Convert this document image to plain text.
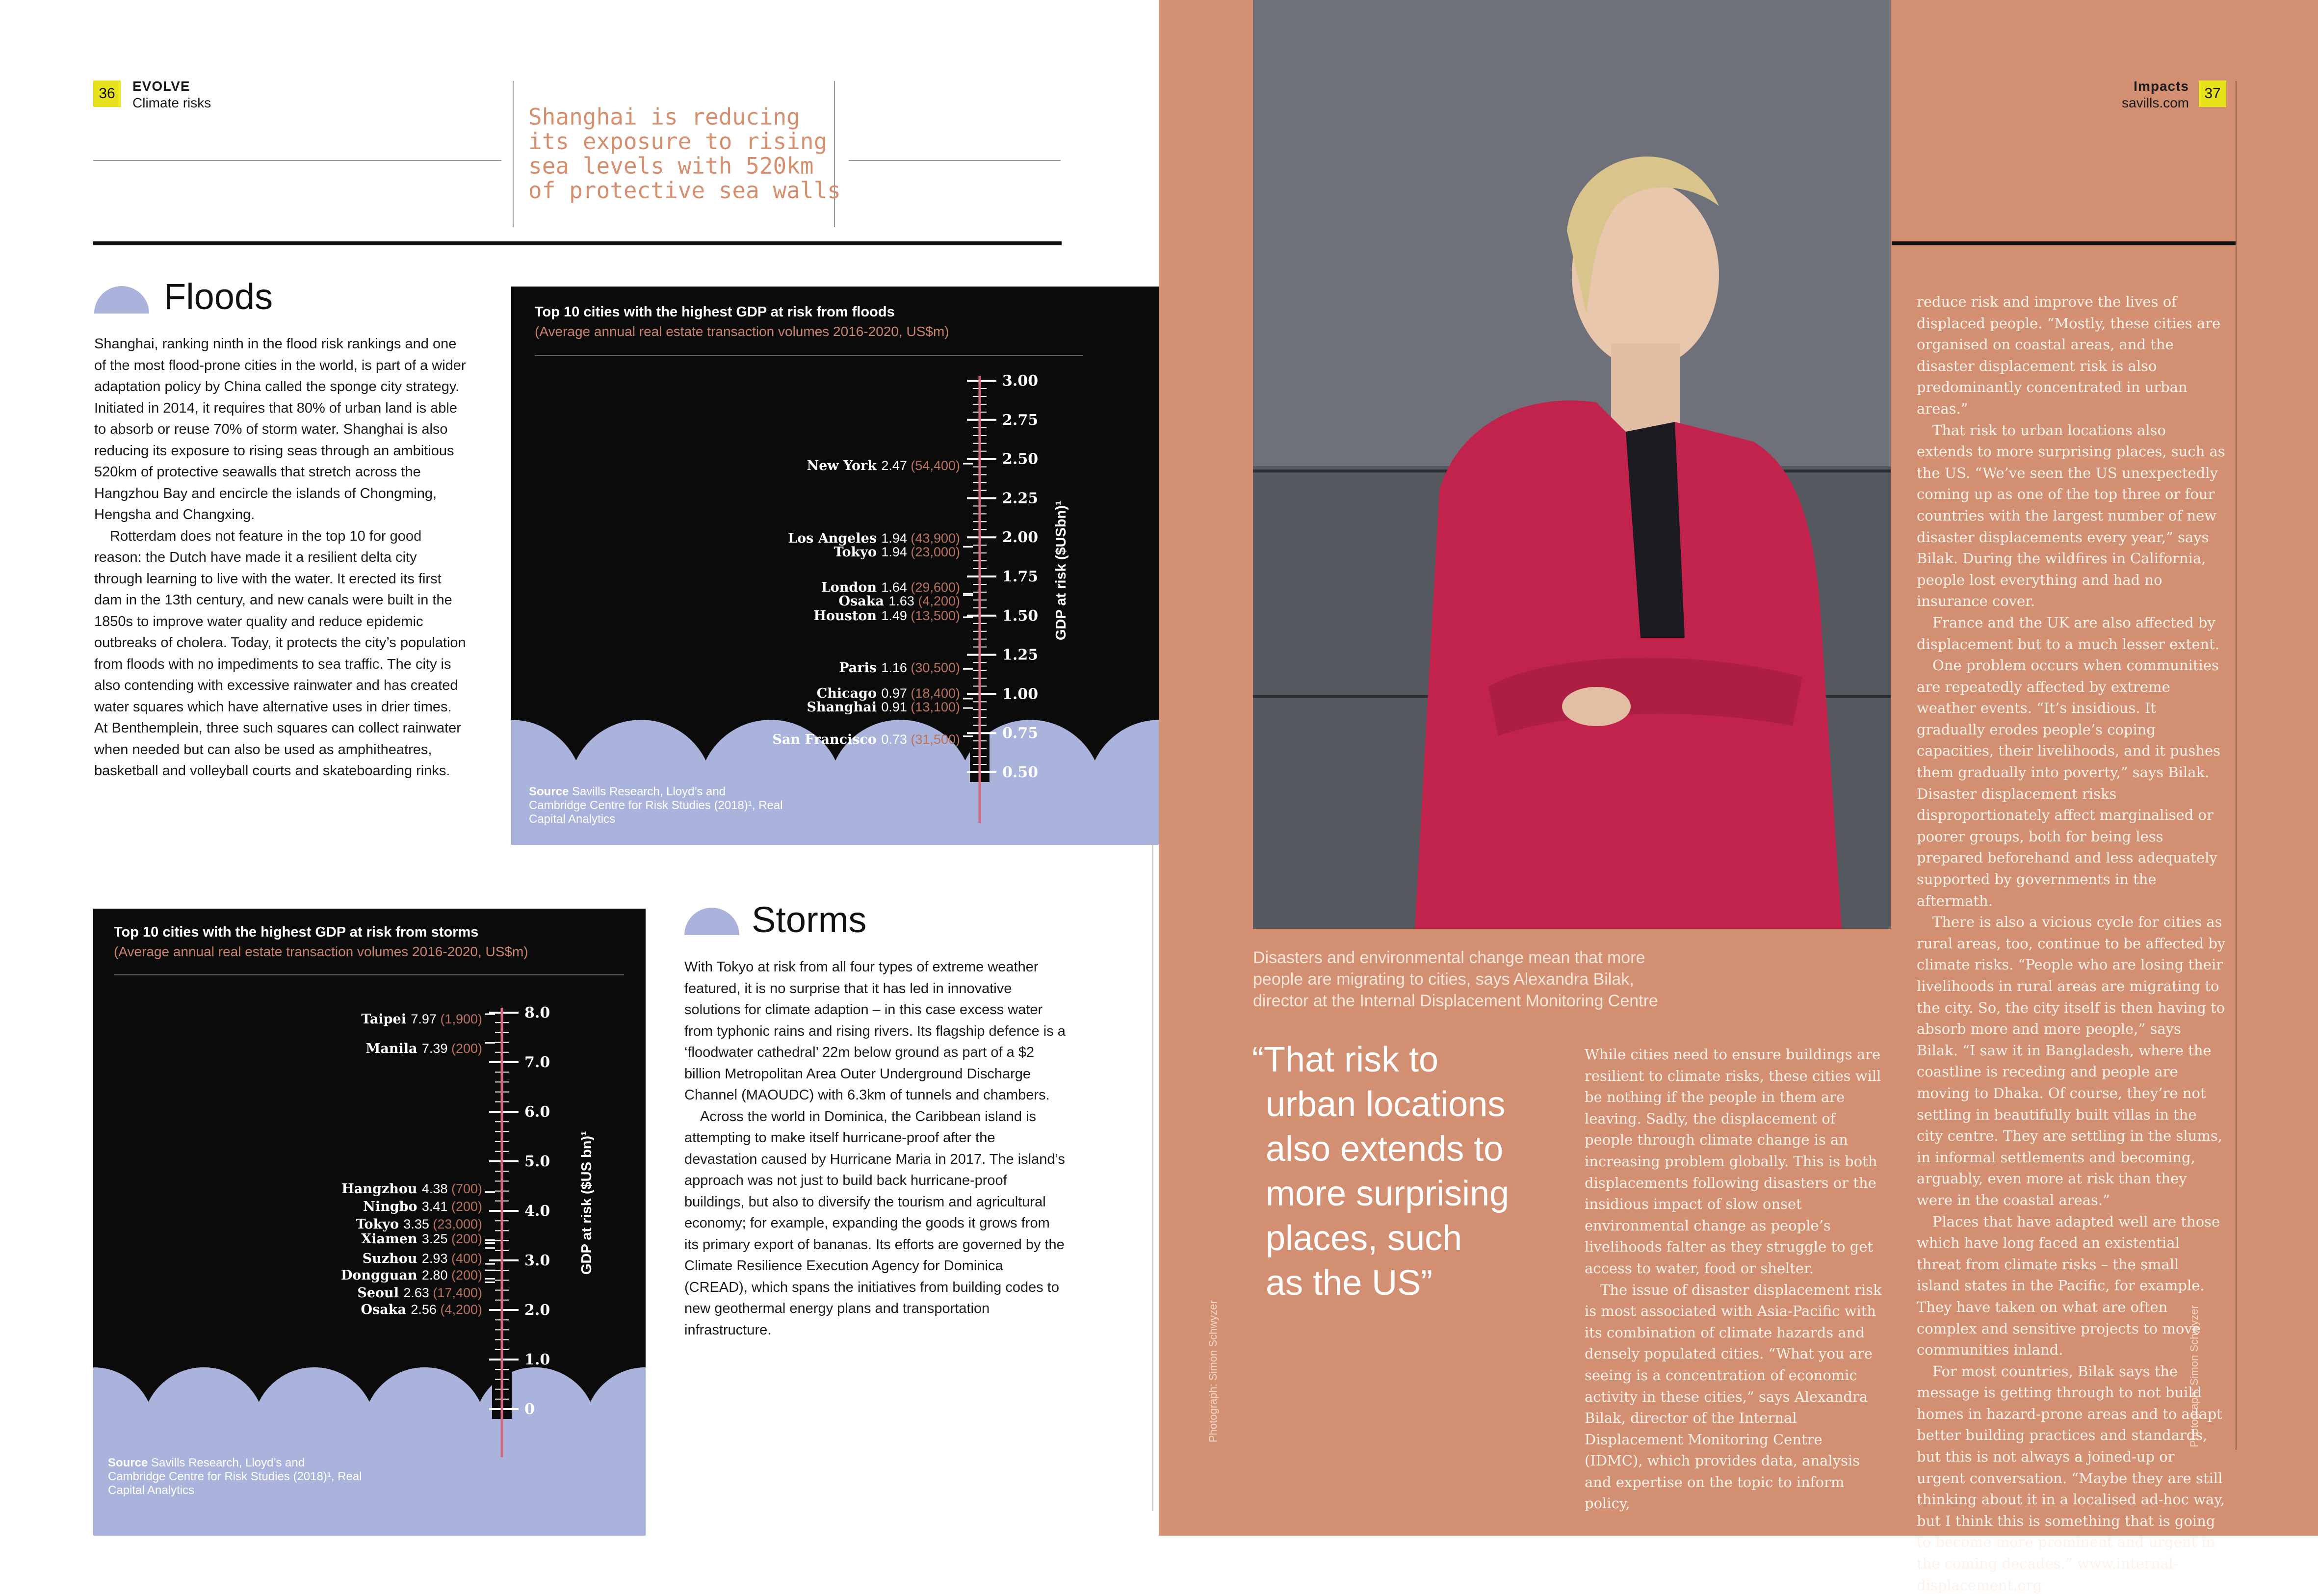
36	EVOLVE
Climate risks
Shanghai is reducing
its exposure to rising
sea levels with 520km
of protective sea walls
Floods

Shanghai, ranking ninth in the flood risk rankings and one of the most flood-prone cities in the world, is part of a wider adaptation policy by China called the sponge city strategy. Initiated in 2014, it requires that 80% of urban land is able to absorb or reuse 70% of storm water. Shanghai is also reducing its exposure to rising seas through an ambitious 520km of protective seawalls that stretch across the Hangzhou Bay and encircle the islands of Chongming, Hengsha and Changxing.

Rotterdam does not feature in the top 10 for good reason: the Dutch have made it a resilient delta city through learning to live with the water. It erected its first dam in the 13th century, and new canals were built in the 1850s to improve water quality and reduce epidemic outbreaks of cholera. Today, it protects the city’s population from floods with no impediments to sea traffic. The city is also contending with excessive rainwater and has created water squares which have alternative uses in drier times. At Benthemplein, three such squares can collect rainwater when needed but can also be used as amphitheatres, basketball and volleyball courts and skateboarding rinks.

Top 10 cities with the highest GDP at risk from floods
(Average annual real estate transaction volumes 2016-2020, US$m)
3.00
2.75
2.50
2.25
2.00
1.75
1.50
1.25
1.00
0.75
0.50
GDP at risk ($USbn)¹
New York 2.47 (54,400)
Los Angeles 1.94 (43,900)
Tokyo 1.94 (23,000)
London 1.64 (29,600)
Osaka 1.63 (4,200)
Houston 1.49 (13,500)
Paris 1.16 (30,500)
Chicago 0.97 (18,400)
Shanghai 0.91 (13,100)
San Francisco 0.73 (31,500)
Source Savills Research, Lloyd’s and Cambridge Centre for Risk Studies (2018)¹, Real Capital Analytics
Top 10 cities with the highest GDP at risk from storms
(Average annual real estate transaction volumes 2016-2020, US$m)
8.0
7.0
6.0
5.0
4.0
3.0
2.0
1.0
0
GDP at risk ($US bn)¹
Taipei 7.97 (1,900)
Manila 7.39 (200)
Hangzhou 4.38 (700)
Ningbo 3.41 (200)
Tokyo 3.35 (23,000)
Xiamen 3.25 (200)
Suzhou 2.93 (400)
Dongguan 2.80 (200)
Seoul 2.63 (17,400)
Osaka 2.56 (4,200)
Source Savills Research, Lloyd’s and Cambridge Centre for Risk Studies (2018)¹, Real Capital Analytics
Storms

With Tokyo at risk from all four types of extreme weather featured, it is no surprise that it has led in innovative solutions for climate adaption – in this case excess water from typhonic rains and rising rivers. Its flagship defence is a ‘floodwater cathedral’ 22m below ground as part of a $2 billion Metropolitan Area Outer Underground Discharge Channel (MAOUDC) with 6.3km of tunnels and chambers.

Across the world in Dominica, the Caribbean island is attempting to make itself hurricane-proof after the devastation caused by Hurricane Maria in 2017. The island’s approach was not just to build back hurricane-proof buildings, but also to diversify the tourism and agricultural economy; for example, expanding the goods it grows from its primary export of bananas. Its efforts are governed by the Climate Resilience Execution Agency for Dominica (CREAD), which spans the initiatives from building codes to new geothermal energy plans and transportation infrastructure.

37
Impacts
savills.com
Photograph: Simon Schwyzer
Photograph: Simon Schwyzer
Disasters and environmental change mean that more
people are migrating to cities, says Alexandra Bilak,
director at the Internal Displacement Monitoring Centre
“That risk to
urban locations
also extends to
more surprising
places, such
as the US”

While cities need to ensure buildings are resilient to climate risks, these cities will be nothing if the people in them are leaving. Sadly, the displacement of people through climate change is an increasing problem globally. This is both displacements following disasters or the insidious impact of slow onset environmental change as people’s livelihoods falter as they struggle to get access to water, food or shelter.

The issue of disaster displacement risk is most associated with Asia-Pacific with its combination of climate hazards and densely populated cities. “What you are seeing is a concentration of economic activity in these cities,” says Alexandra Bilak, director of the Internal Displacement Monitoring Centre (IDMC), which provides data, analysis and expertise on the topic to inform policy,

reduce risk and improve the lives of displaced people. “Mostly, these cities are organised on coastal areas, and the disaster displacement risk is also predominantly concentrated in urban areas.”

That risk to urban locations also extends to more surprising places, such as the US. “We’ve seen the US unexpectedly coming up as one of the top three or four countries with the largest number of new disaster displacements every year,” says Bilak. During the wildfires in California, people lost everything and had no insurance cover.

France and the UK are also affected by displacement but to a much lesser extent.

One problem occurs when communities are repeatedly affected by extreme weather events. “It’s insidious. It gradually erodes people’s coping capacities, their livelihoods, and it pushes them gradually into poverty,” says Bilak. Disaster displacement risks disproportionately affect marginalised or poorer groups, both for being less prepared beforehand and less adequately supported by governments in the aftermath.

There is also a vicious cycle for cities as rural areas, too, continue to be affected by climate risks. “People who are losing their livelihoods in rural areas are migrating to the city. So, the city itself is then having to absorb more and more people,” says Bilak. “I saw it in Bangladesh, where the coastline is receding and people are moving to Dhaka. Of course, they’re not settling in beautifully built villas in the city centre. They are settling in the slums, in informal settlements and becoming, arguably, even more at risk than they were in the coastal areas.”

Places that have adapted well are those which have long faced an existential threat from climate risks – the small island states in the Pacific, for example. They have taken on what are often complex and sensitive projects to move communities inland.

For most countries, Bilak says the message is getting through to not build homes in hazard-prone areas and to adapt better building practices and standards, but this is not always a joined-up or urgent conversation. “Maybe they are still thinking about it in a localised ad-hoc way, but I think this is something that is going to become more prominent and urgent in the coming decades.” www.internal-displacement.org
